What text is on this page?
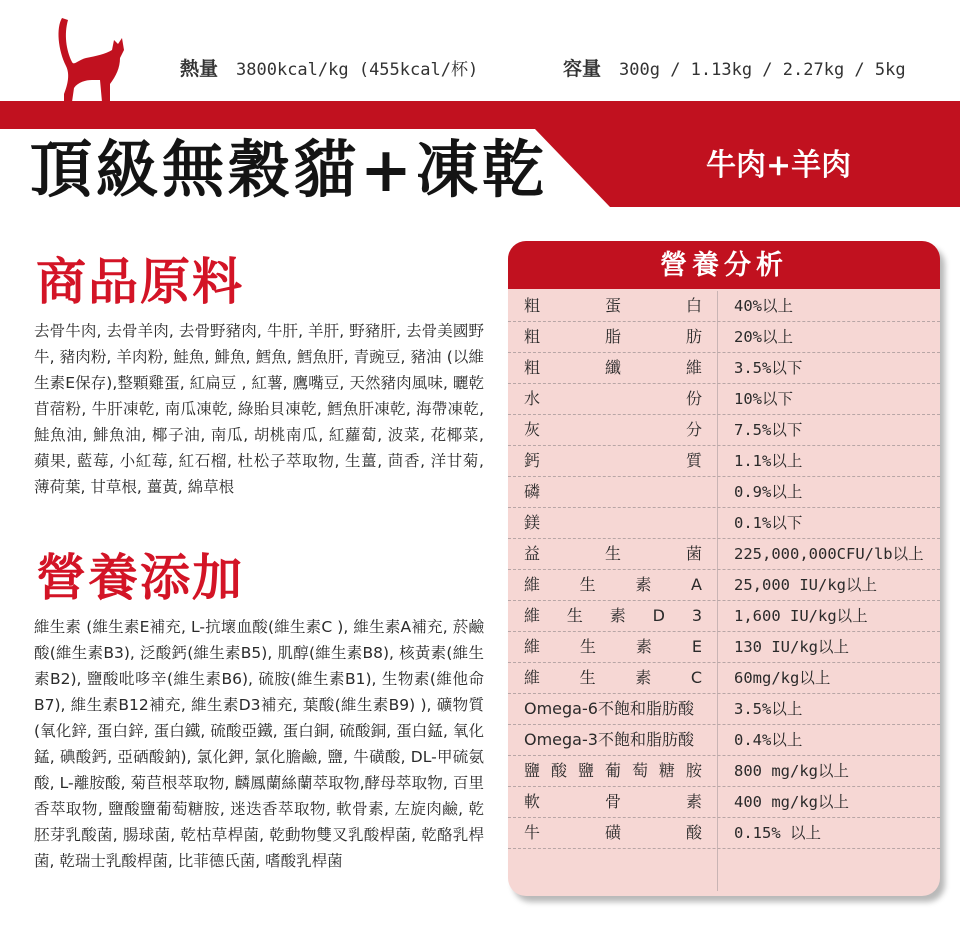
熱量 3800kcal/kg (455kcal/杯)	容量 300g / 1.13kg / 2.27kg / 5kg
頂級無穀貓+凍乾	牛肉+羊肉
商品原料
去骨牛肉, 去骨羊肉, 去骨野豬肉, 牛肝, 羊肝, 野豬肝, 去骨美國野牛, 豬肉粉, 羊肉粉, 鮭魚, 鯡魚, 鱈魚, 鱈魚肝, 青豌豆, 豬油 (以維生素E保存),整顆雞蛋, 紅扁豆 , 紅薯, 鷹嘴豆, 天然豬肉風味, 曬乾苜蓿粉, 牛肝凍乾, 南瓜凍乾, 綠貽貝凍乾, 鱈魚肝凍乾, 海帶凍乾, 鮭魚油, 鯡魚油, 椰子油, 南瓜, 胡桃南瓜, 紅蘿蔔, 波菜, 花椰菜, 蘋果, 藍莓, 小紅莓, 紅石榴, 杜松子萃取物, 生薑, 茴香, 洋甘菊, 薄荷葉, 甘草根, 薑黃, 綿草根
營養添加
維生素 (維生素E補充, L-抗壞血酸(維生素C ), 維生素A補充, 菸鹼酸(維生素B3), 泛酸鈣(維生素B5), 肌醇(維生素B8), 核黃素(維生素B2), 鹽酸吡哆辛(維生素B6), 硫胺(維生素B1), 生物素(維他命B7), 維生素B12補充, 維生素D3補充, 葉酸(維生素B9) ), 礦物質 (氧化鋅, 蛋白鋅, 蛋白鐵, 硫酸亞鐵, 蛋白銅, 硫酸銅, 蛋白錳, 氧化錳, 碘酸鈣, 亞硒酸鈉), 氯化鉀, 氯化膽鹼, 鹽, 牛磺酸, DL-甲硫氨酸, L-離胺酸, 菊苣根萃取物, 麟鳳蘭絲蘭萃取物,酵母萃取物, 百里香萃取物, 鹽酸鹽葡萄糖胺, 迷迭香萃取物, 軟骨素, 左旋肉鹼, 乾胚芽乳酸菌, 腸球菌, 乾枯草桿菌, 乾動物雙叉乳酸桿菌, 乾酪乳桿菌, 乾瑞士乳酸桿菌, 比菲德氏菌, 嗜酸乳桿菌
營養分析
粗	蛋	白 40%以上
粗	脂	肪 20%以上
粗	纖	維 3.5%以下
水	份 10%以下
灰	分 7.5%以下
鈣	質 1.1%以上
磷	0.9%以上
鎂	0.1%以下
益	生	菌 225,000,000CFU/lb以上
維 生 素 A 25,000 IU/kg以上
維 生 素 D 3 1,600 IU/kg以上
維 生 素 E 130 IU/kg以上
維 生 素 C 60mg/kg以上
Omega-6不飽和脂肪酸	3.5%以上
Omega-3不飽和脂肪酸	0.4%以上
鹽 酸 鹽 葡 萄 糖 胺 800 mg/kg以上
軟	骨	素 400 mg/kg以上
牛	磺	酸 0.15% 以上
